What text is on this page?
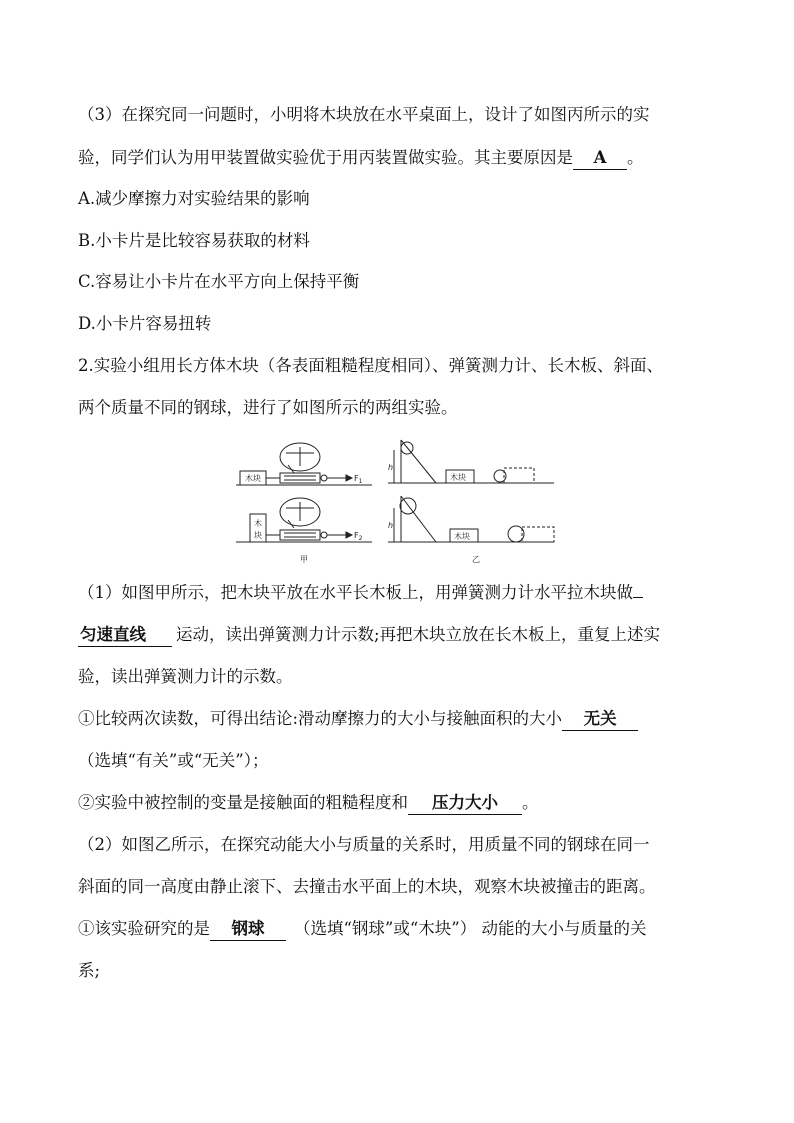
（3）在探究同一问题时，小明将木块放在水平桌面上，设计了如图丙所示的实
验，同学们认为用甲装置做实验优于用丙装置做实验。其主要原因是 A 。
A.减少摩擦力对实验结果的影响
B.小卡片是比较容易获取的材料
C.容易让小卡片在水平方向上保持平衡
D.小卡片容易扭转
2.实验小组用长方体木块（各表面粗糙程度相同）、弹簧测力计、长木板、斜面、
两个质量不同的钢球，进行了如图所示的两组实验。
木块	$F_1$
木
块	$F_2$
h
h
木块
木块
甲	乙
（1）如图甲所示，把木块平放在水平长木板上，用弹簧测力计水平拉木块做
匀速直线 运动，读出弹簧测力计示数;再把木块立放在长木板上，重复上述实
验，读出弹簧测力计的示数。
①比较两次读数，可得出结论:滑动摩擦力的大小与接触面积的大小 无关
（选填“有关”或“无关”）；
②实验中被控制的变量是接触面的粗糙程度和 压力大小 。
（2）如图乙所示，在探究动能大小与质量的关系时，用质量不同的钢球在同一
斜面的同一高度由静止滚下、去撞击水平面上的木块，观察木块被撞击的距离。
①该实验研究的是 钢球 （选填“钢球”或“木块”） 动能的大小与质量的关
系;
